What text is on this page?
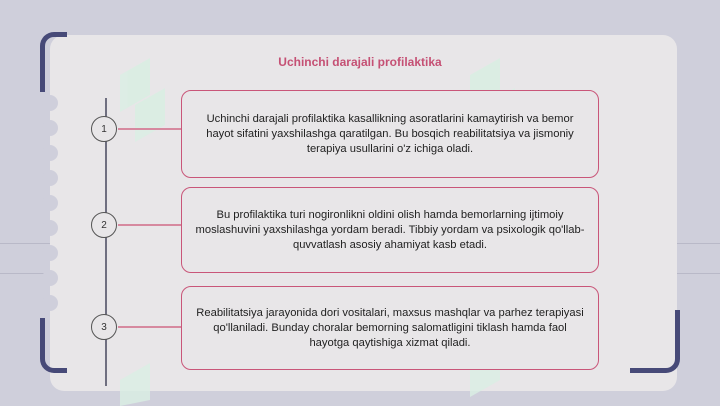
Uchinchi darajali profilaktika
1
2
3
Uchinchi darajali profilaktika kasallikning asoratlarini kamaytirish va bemor hayot sifatini yaxshilashga qaratilgan. Bu bosqich reabilitatsiya va jismoniy terapiya usullarini o'z ichiga oladi.
Bu profilaktika turi nogironlikni oldini olish hamda bemorlarning ijtimoiy moslashuvini yaxshilashga yordam beradi. Tibbiy yordam va psixologik qo'llab-quvvatlash asosiy ahamiyat kasb etadi.
Reabilitatsiya jarayonida dori vositalari, maxsus mashqlar va parhez terapiyasi qo'llaniladi. Bunday choralar bemorning salomatligini tiklash hamda faol hayotga qaytishiga xizmat qiladi.
